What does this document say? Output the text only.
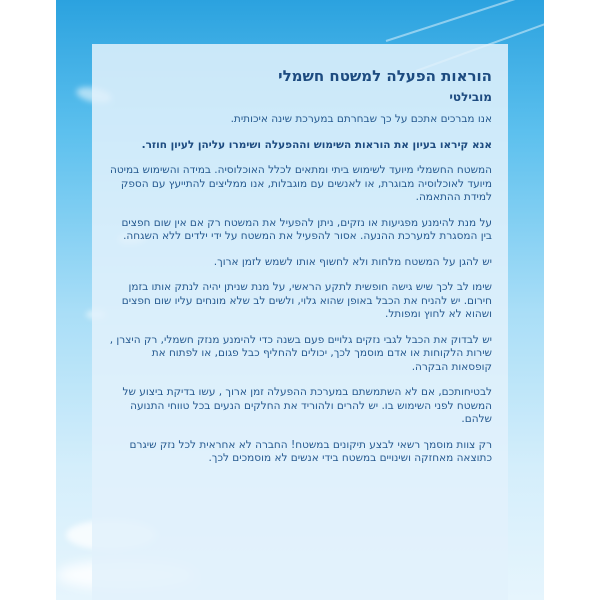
הוראות הפעלה למשטח חשמלי
מובילטי

אנו מברכים אתכם על כך שבחרתם במערכת שינה איכותית.

אנא קיראו בעיון את הוראות השימוש וההפעלה ושימרו עליהן לעיון חוזר.

המשטח החשמלי מיועד לשימוש ביתי ומתאים לכלל האוכלוסיה. במידה והשימוש במיטה מיועד לאוכלוסיה מבוגרת, או לאנשים עם מוגבלות, אנו ממליצים להתייעץ עם הספק למידת ההתאמה.

על מנת להימנע מפגיעות או נזקים, ניתן להפעיל את המשטח רק אם אין שום חפצים בין המסגרת למערכת ההנעה. אסור להפעיל את המשטח על ידי ילדים ללא השגחה.

יש להגן על המשטח מלחות ולא לחשוף אותו לשמש לזמן ארוך.

שימו לב לכך שיש גישה חופשית לתקע הראשי, על מנת שניתן יהיה לנתק אותו בזמן חירום. יש להניח את הכבל באופן שהוא גלוי, ולשים לב שלא מונחים עליו שום חפצים ושהוא לא לחוץ ומפותל.

יש לבדוק את הכבל לגבי נזקים גלויים פעם בשנה כדי להימנע מנזק חשמלי, רק היצרן , שירות הלקוחות או אדם מוסמך לכך, יכולים להחליף כבל פגום, או לפתוח את קופסאות הבקרה.

לבטיחותכם, אם לא השתמשתם במערכת ההפעלה זמן ארוך , עשו בדיקת ביצוע של המשטח לפני השימוש בו. יש להרים ולהוריד את החלקים הנעים בכל טווחי התנועה שלהם.

רק צוות מוסמך רשאי לבצע תיקונים במשטח! החברה לא אחראית לכל נזק שיגרם כתוצאה מאחזקה ושינויים במשטח בידי אנשים לא מוסמכים לכך.
